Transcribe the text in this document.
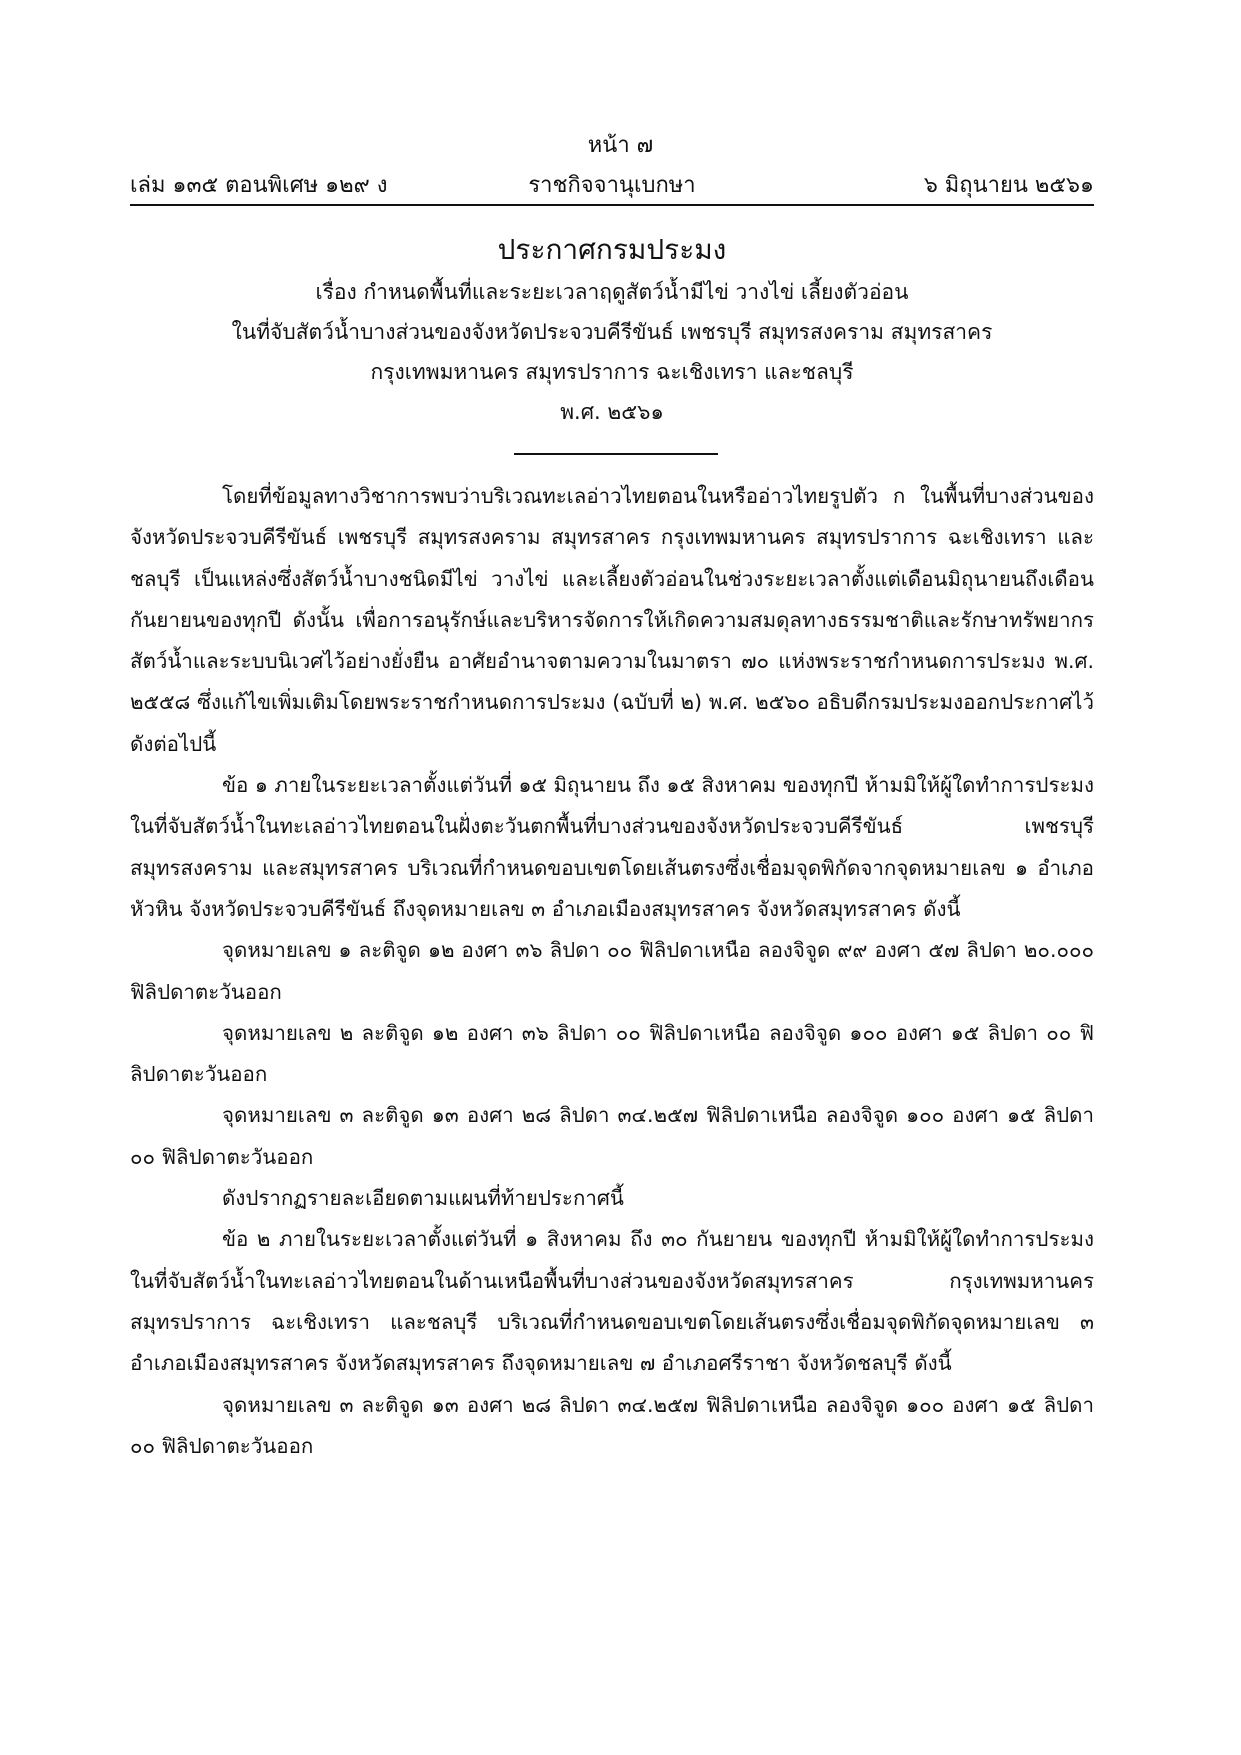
หน้า ๗
เล่ม ๑๓๕ ตอนพิเศษ ๑๒๙ ง	ราชกิจจานุเบกษา	๖ มิถุนายน ๒๕๖๑
ประกาศกรมประมง
เรื่อง กำหนดพื้นที่และระยะเวลาฤดูสัตว์น้ำมีไข่ วางไข่ เลี้ยงตัวอ่อน
ในที่จับสัตว์น้ำบางส่วนของจังหวัดประจวบคีรีขันธ์ เพชรบุรี สมุทรสงคราม สมุทรสาคร
กรุงเทพมหานคร สมุทรปราการ ฉะเชิงเทรา และชลบุรี
พ.ศ. ๒๕๖๑

โดยที่ข้อมูลทางวิชาการพบว่าบริเวณทะเลอ่าวไทยตอนในหรืออ่าวไทยรูปตัว ก ในพื้นที่บางส่วนของจังหวัดประจวบคีรีขันธ์ เพชรบุรี สมุทรสงคราม สมุทรสาคร กรุงเทพมหานคร สมุทรปราการ ฉะเชิงเทรา และชลบุรี เป็นแหล่งซึ่งสัตว์น้ำบางชนิดมีไข่ วางไข่ และเลี้ยงตัวอ่อนในช่วงระยะเวลาตั้งแต่เดือนมิถุนายนถึงเดือนกันยายนของทุกปี ดังนั้น เพื่อการอนุรักษ์และบริหารจัดการให้เกิดความสมดุลทางธรรมชาติและรักษาทรัพยากรสัตว์น้ำและระบบนิเวศไว้อย่างยั่งยืน อาศัยอำนาจตามความในมาตรา ๗๐ แห่งพระราชกำหนดการประมง พ.ศ. ๒๕๕๘ ซึ่งแก้ไขเพิ่มเติมโดยพระราชกำหนดการประมง (ฉบับที่ ๒) พ.ศ. ๒๕๖๐ อธิบดีกรมประมงออกประกาศไว้ ดังต่อไปนี้

ข้อ ๑ ภายในระยะเวลาตั้งแต่วันที่ ๑๕ มิถุนายน ถึง ๑๕ สิงหาคม ของทุกปี ห้ามมิให้ผู้ใดทำการประมงในที่จับสัตว์น้ำในทะเลอ่าวไทยตอนในฝั่งตะวันตกพื้นที่บางส่วนของจังหวัดประจวบคีรีขันธ์ เพชรบุรี สมุทรสงคราม และสมุทรสาคร บริเวณที่กำหนดขอบเขตโดยเส้นตรงซึ่งเชื่อมจุดพิกัดจากจุดหมายเลข ๑ อำเภอหัวหิน จังหวัดประจวบคีรีขันธ์ ถึงจุดหมายเลข ๓ อำเภอเมืองสมุทรสาคร จังหวัดสมุทรสาคร ดังนี้

จุดหมายเลข ๑ ละติจูด ๑๒ องศา ๓๖ ลิปดา ๐๐ ฟิลิปดาเหนือ ลองจิจูด ๙๙ องศา ๕๗ ลิปดา ๒๐.๐๐๐ ฟิลิปดาตะวันออก

จุดหมายเลข ๒ ละติจูด ๑๒ องศา ๓๖ ลิปดา ๐๐ ฟิลิปดาเหนือ ลองจิจูด ๑๐๐ องศา ๑๕ ลิปดา ๐๐ ฟิลิปดาตะวันออก

จุดหมายเลข ๓ ละติจูด ๑๓ องศา ๒๘ ลิปดา ๓๔.๒๕๗ ฟิลิปดาเหนือ ลองจิจูด ๑๐๐ องศา ๑๕ ลิปดา ๐๐ ฟิลิปดาตะวันออก

ดังปรากฏรายละเอียดตามแผนที่ท้ายประกาศนี้

ข้อ ๒ ภายในระยะเวลาตั้งแต่วันที่ ๑ สิงหาคม ถึง ๓๐ กันยายน ของทุกปี ห้ามมิให้ผู้ใดทำการประมงในที่จับสัตว์น้ำในทะเลอ่าวไทยตอนในด้านเหนือพื้นที่บางส่วนของจังหวัดสมุทรสาคร กรุงเทพมหานคร สมุทรปราการ ฉะเชิงเทรา และชลบุรี บริเวณที่กำหนดขอบเขตโดยเส้นตรงซึ่งเชื่อมจุดพิกัดจุดหมายเลข ๓ อำเภอเมืองสมุทรสาคร จังหวัดสมุทรสาคร ถึงจุดหมายเลข ๗ อำเภอศรีราชา จังหวัดชลบุรี ดังนี้

จุดหมายเลข ๓ ละติจูด ๑๓ องศา ๒๘ ลิปดา ๓๔.๒๕๗ ฟิลิปดาเหนือ ลองจิจูด ๑๐๐ องศา ๑๕ ลิปดา ๐๐ ฟิลิปดาตะวันออก
